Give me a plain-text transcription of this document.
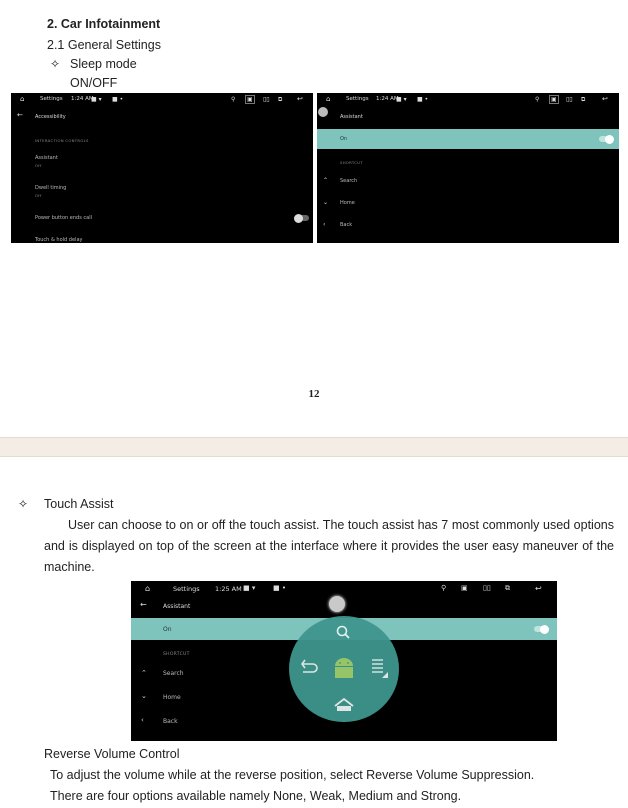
2. Car Infotainment
2.1 General Settings
✧ Sleep mode
ON/OFF
⌂	Settings 1:24 AM
■ ▾ ■ •	⚲	▣	▯▯ ⧉ ↩
← Accessibility
INTERACTION CONTROLS
Assistant
Off
Dwell timing
Off
Power button ends call
Touch & hold delay
⌂	Settings 1:24 AM
■ ▾ ■ •	⚲	▣	▯▯ ⧉ ↩
Assistant
On
SHORTCUT
⌃ Search
⌄ Home
‹	Back
12
✧ Touch Assist
User can choose to on or off the touch assist. The touch assist has 7 most commonly used options and is displayed on top of the screen at the interface where it provides the user easy maneuver of the machine.
⌂	Settings 1:25 AM ■ ▾	■ •	⚲ ▣ ▯▯ ⧉	↩
←	Assistant
On
SHORTCUT
⌃	Search
⌄	Home
‹	Back
Reverse Volume Control
To adjust the volume while at the reverse position, select Reverse Volume Suppression.
There are four options available namely None, Weak, Medium and Strong.
